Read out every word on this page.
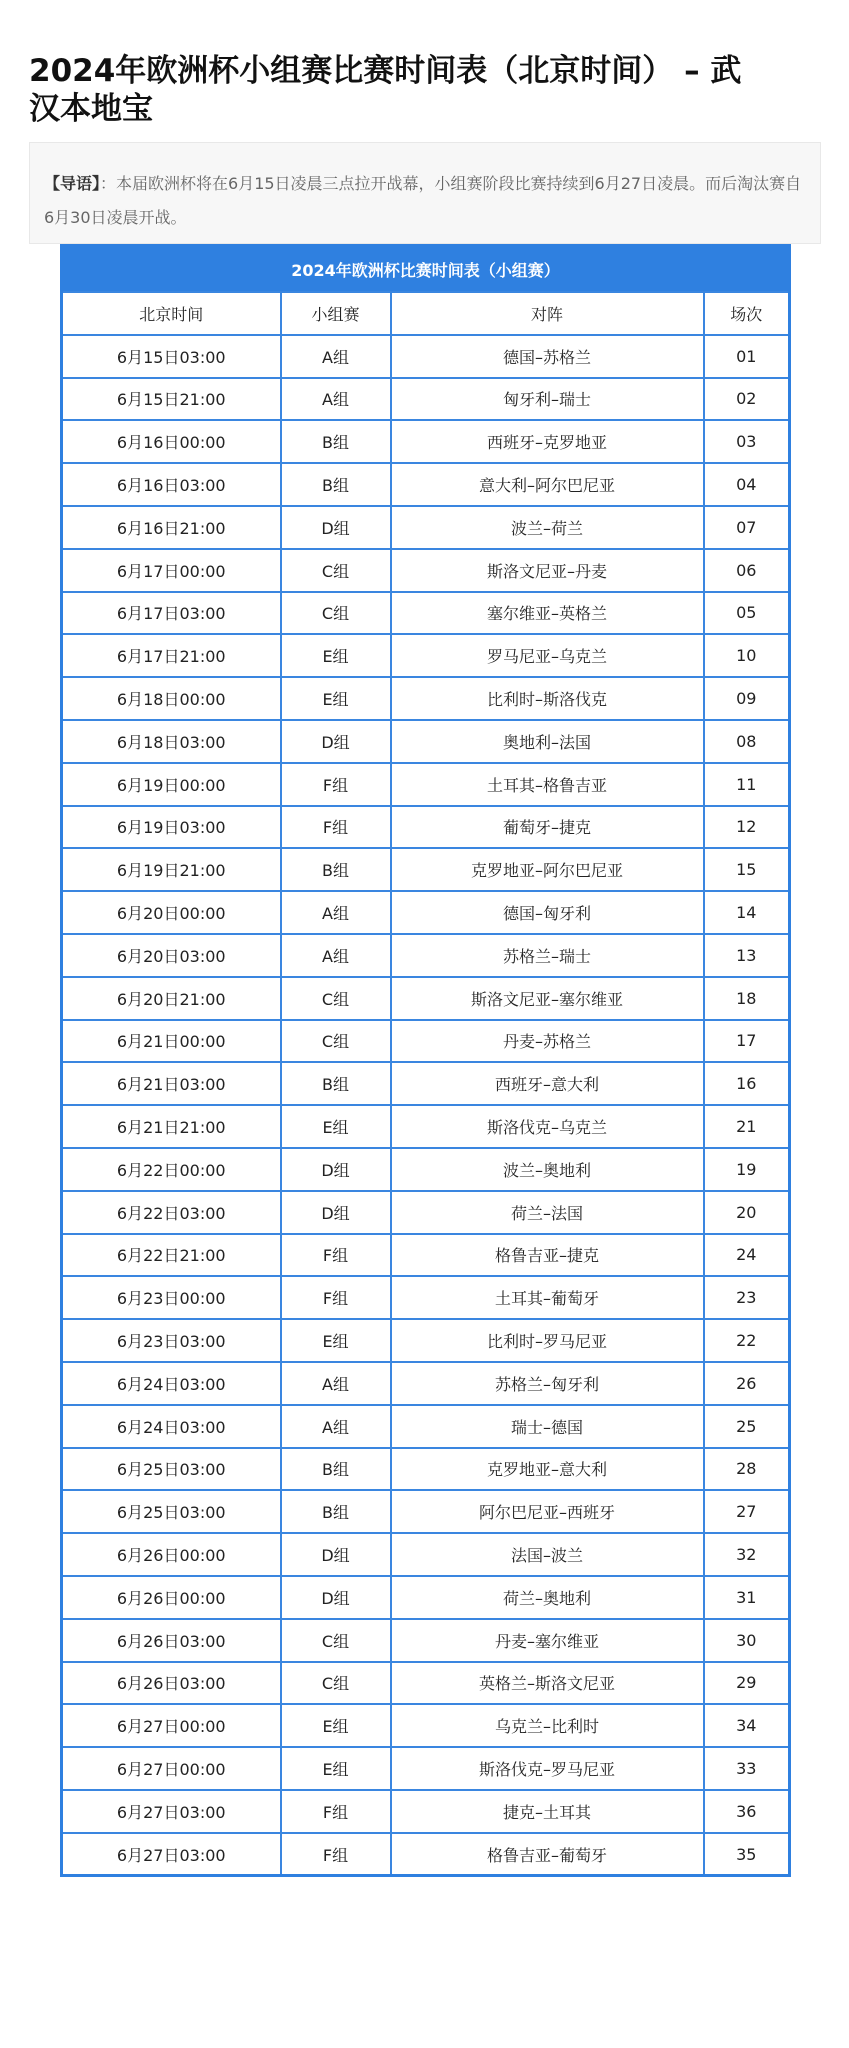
2024年欧洲杯小组赛比赛时间表（北京时间） – 武汉本地宝
【导语】：本届欧洲杯将在6月15日凌晨三点拉开战幕，小组赛阶段比赛持续到6月27日凌晨。而后淘汰赛自6月30日凌晨开战。
2024年欧洲杯比赛时间表（小组赛）			
北京时间	小组赛	对阵	场次
6月15日03:00	A组	德国–苏格兰	01
6月15日21:00	A组	匈牙利–瑞士	02
6月16日00:00	B组	西班牙–克罗地亚	03
6月16日03:00	B组	意大利–阿尔巴尼亚	04
6月16日21:00	D组	波兰–荷兰	07
6月17日00:00	C组	斯洛文尼亚–丹麦	06
6月17日03:00	C组	塞尔维亚–英格兰	05
6月17日21:00	E组	罗马尼亚–乌克兰	10
6月18日00:00	E组	比利时–斯洛伐克	09
6月18日03:00	D组	奥地利–法国	08
6月19日00:00	F组	土耳其–格鲁吉亚	11
6月19日03:00	F组	葡萄牙–捷克	12
6月19日21:00	B组	克罗地亚–阿尔巴尼亚	15
6月20日00:00	A组	德国–匈牙利	14
6月20日03:00	A组	苏格兰–瑞士	13
6月20日21:00	C组	斯洛文尼亚–塞尔维亚	18
6月21日00:00	C组	丹麦–苏格兰	17
6月21日03:00	B组	西班牙–意大利	16
6月21日21:00	E组	斯洛伐克–乌克兰	21
6月22日00:00	D组	波兰–奥地利	19
6月22日03:00	D组	荷兰–法国	20
6月22日21:00	F组	格鲁吉亚–捷克	24
6月23日00:00	F组	土耳其–葡萄牙	23
6月23日03:00	E组	比利时–罗马尼亚	22
6月24日03:00	A组	苏格兰–匈牙利	26
6月24日03:00	A组	瑞士–德国	25
6月25日03:00	B组	克罗地亚–意大利	28
6月25日03:00	B组	阿尔巴尼亚–西班牙	27
6月26日00:00	D组	法国–波兰	32
6月26日00:00	D组	荷兰–奥地利	31
6月26日03:00	C组	丹麦–塞尔维亚	30
6月26日03:00	C组	英格兰–斯洛文尼亚	29
6月27日00:00	E组	乌克兰–比利时	34
6月27日00:00	E组	斯洛伐克–罗马尼亚	33
6月27日03:00	F组	捷克–土耳其	36
6月27日03:00	F组	格鲁吉亚–葡萄牙	35
